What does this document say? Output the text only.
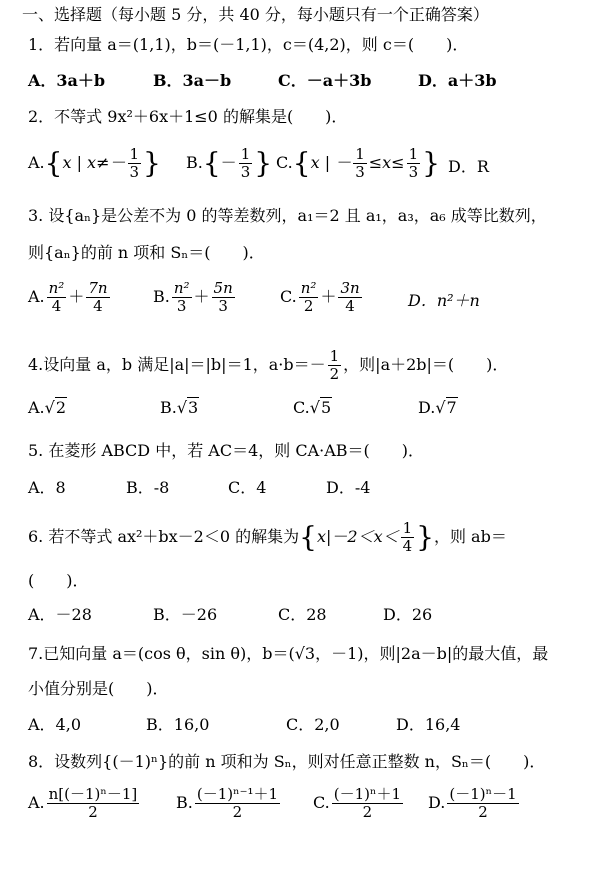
一、选择题（每小题 5 分，共 40 分，每小题只有一个正确答案）
1．若向量 a＝(1,1)，b＝(－1,1)，c＝(4,2)，则 c＝(　　)．
A．3a＋b	B．3a－b	C．－a＋3b	D．a＋3b
2．不等式 9x²＋6x＋1≤0 的解集是(　　)．
A.{x | $x\ne- \frac{1}{3}$ } $B.\{- \frac{1}{3}$ } C.{x | － $\frac{1}{3} \le x\le \frac{1}{3}$ } D．R
3. 设{aₙ}是公差不为 0 的等差数列，a₁＝2 且 a₁，a₃，a₆ 成等比数列，
则{aₙ}的前 n 项和 Sₙ＝(　　)．
A. $\frac{\text{n²}}{4} + \frac{7n}{4}$	B. $\frac{\text{n²}}{3} + \frac{5n}{3}$	C. $\frac{\text{n²}}{2} + \frac{3n}{4}$	D．n²＋n
4.设向量 a，b 满足|a|＝|b|＝1，$a\cdot b=- \frac{1}{2}$ ，则|a＋2b|＝(　　)．
A.√2	B.√3	C.√5	D.√7
5. 在菱形 ABCD 中，若 AC＝4，则 CA·AB＝(　　)．
A．8	B．-8	C．4	D．-4
6. 若不等式 ax²＋bx－2＜0 的解集为{$x|-2<x< \frac{1}{4}$ }，则 ab＝
(　　)．
A．－28	B．－26	C．28	D．26
7.已知向量 a＝(cos θ，sin θ)，b＝(√3，－1)，则|2a－b|的最大值，最
小值分别是(　　)．
A．4,0	B．16,0	C．2,0	D．16,4
8．设数列{(－1)ⁿ}的前 n 项和为 Sₙ，则对任意正整数 n，Sₙ＝(　　)．
A. $\frac{\text{n[(－1)ⁿ－1]}}{2} B$. $\frac{\text{(－1)ⁿ⁻¹＋1}}{2} C$. $\frac{\text{(－1)ⁿ＋1}}{2} D$. $\frac{\text{(－1)ⁿ－1}}{2}$
